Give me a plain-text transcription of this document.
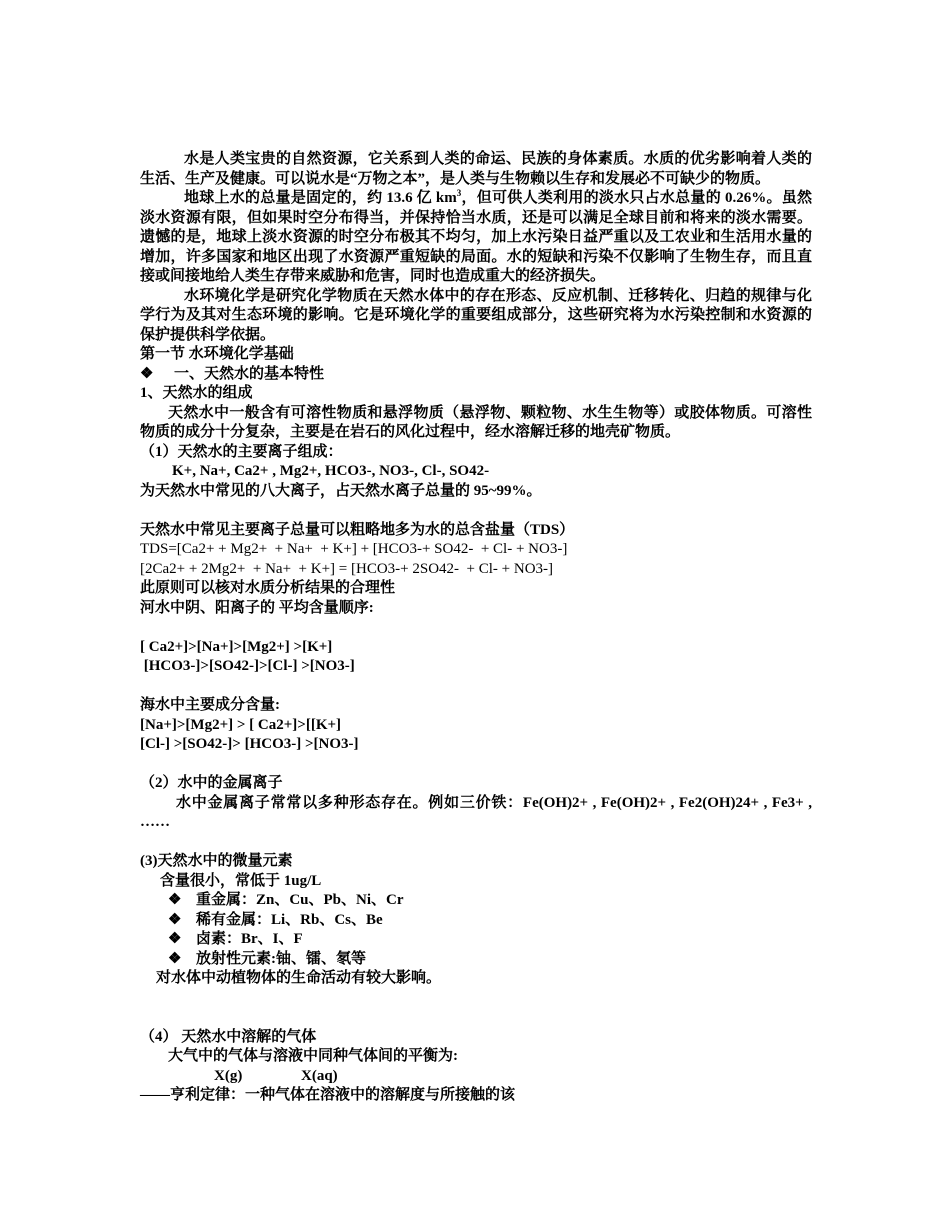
水是人类宝贵的自然资源，它关系到人类的命运、民族的身体素质。水质的优劣影响着人类的生活、生产及健康。可以说水是“万物之本”，是人类与生物赖以生存和发展必不可缺少的物质。

地球上水的总量是固定的，约 13.6 亿 $km^3$，但可供人类利用的淡水只占水总量的 0.26%。虽然淡水资源有限，但如果时空分布得当，并保持恰当水质，还是可以满足全球目前和将来的淡水需要。遗憾的是，地球上淡水资源的时空分布极其不均匀，加上水污染日益严重以及工农业和生活用水量的增加，许多国家和地区出现了水资源严重短缺的局面。水的短缺和污染不仅影响了生物生存，而且直接或间接地给人类生存带来威胁和危害，同时也造成重大的经济损失。

水环境化学是研究化学物质在天然水体中的存在形态、反应机制、迁移转化、归趋的规律与化学行为及其对生态环境的影响。它是环境化学的重要组成部分，这些研究将为水污染控制和水资源的保护提供科学依据。

第一节 水环境化学基础

❖ 一、天然水的基本特性

1、天然水的组成

天然水中一般含有可溶性物质和悬浮物质（悬浮物、颗粒物、水生生物等）或胶体物质。可溶性物质的成分十分复杂，主要是在岩石的风化过程中，经水溶解迁移的地壳矿物质。

（1）天然水的主要离子组成：

K+, Na+, Ca2+ , Mg2+, HCO3-, NO3-, Cl-, SO42-

为天然水中常见的八大离子，占天然水离子总量的 95~99%。

天然水中常见主要离子总量可以粗略地多为水的总含盐量（TDS）

TDS=[Ca2+ + Mg2+  + Na+  + K+] + [HCO3-+ SO42-  + Cl- + NO3-]

[2Ca2+ + 2Mg2+  + Na+  + K+] = [HCO3-+ 2SO42-  + Cl- + NO3-]

此原则可以核对水质分析结果的合理性

河水中阴、阳离子的 平均含量顺序:

[ Ca2+]>[Na+]>[Mg2+] >[K+]

[HCO3-]>[SO42-]>[Cl-] >[NO3-]

海水中主要成分含量:

[Na+]>[Mg2+] > [ Ca2+]>[[K+]

[Cl-] >[SO42-]> [HCO3-] >[NO3-]

（2）水中的金属离子

水中金属离子常常以多种形态存在。例如三价铁：Fe(OH)2+ , Fe(OH)2+ , Fe2(OH)24+ , Fe3+ , ……

(3)天然水中的微量元素

含量很小，常低于 1ug/L

❖ 重金属：Zn、Cu、Pb、Ni、Cr

❖ 稀有金属：Li、Rb、Cs、Be

❖ 卤素：Br、I、F

❖ 放射性元素:铀、镭、氡等

对水体中动植物体的生命活动有较大影响。

（4） 天然水中溶解的气体

大气中的气体与溶液中同种气体间的平衡为:

X(g)	X(aq)

——亨利定律：一种气体在溶液中的溶解度与所接触的该
